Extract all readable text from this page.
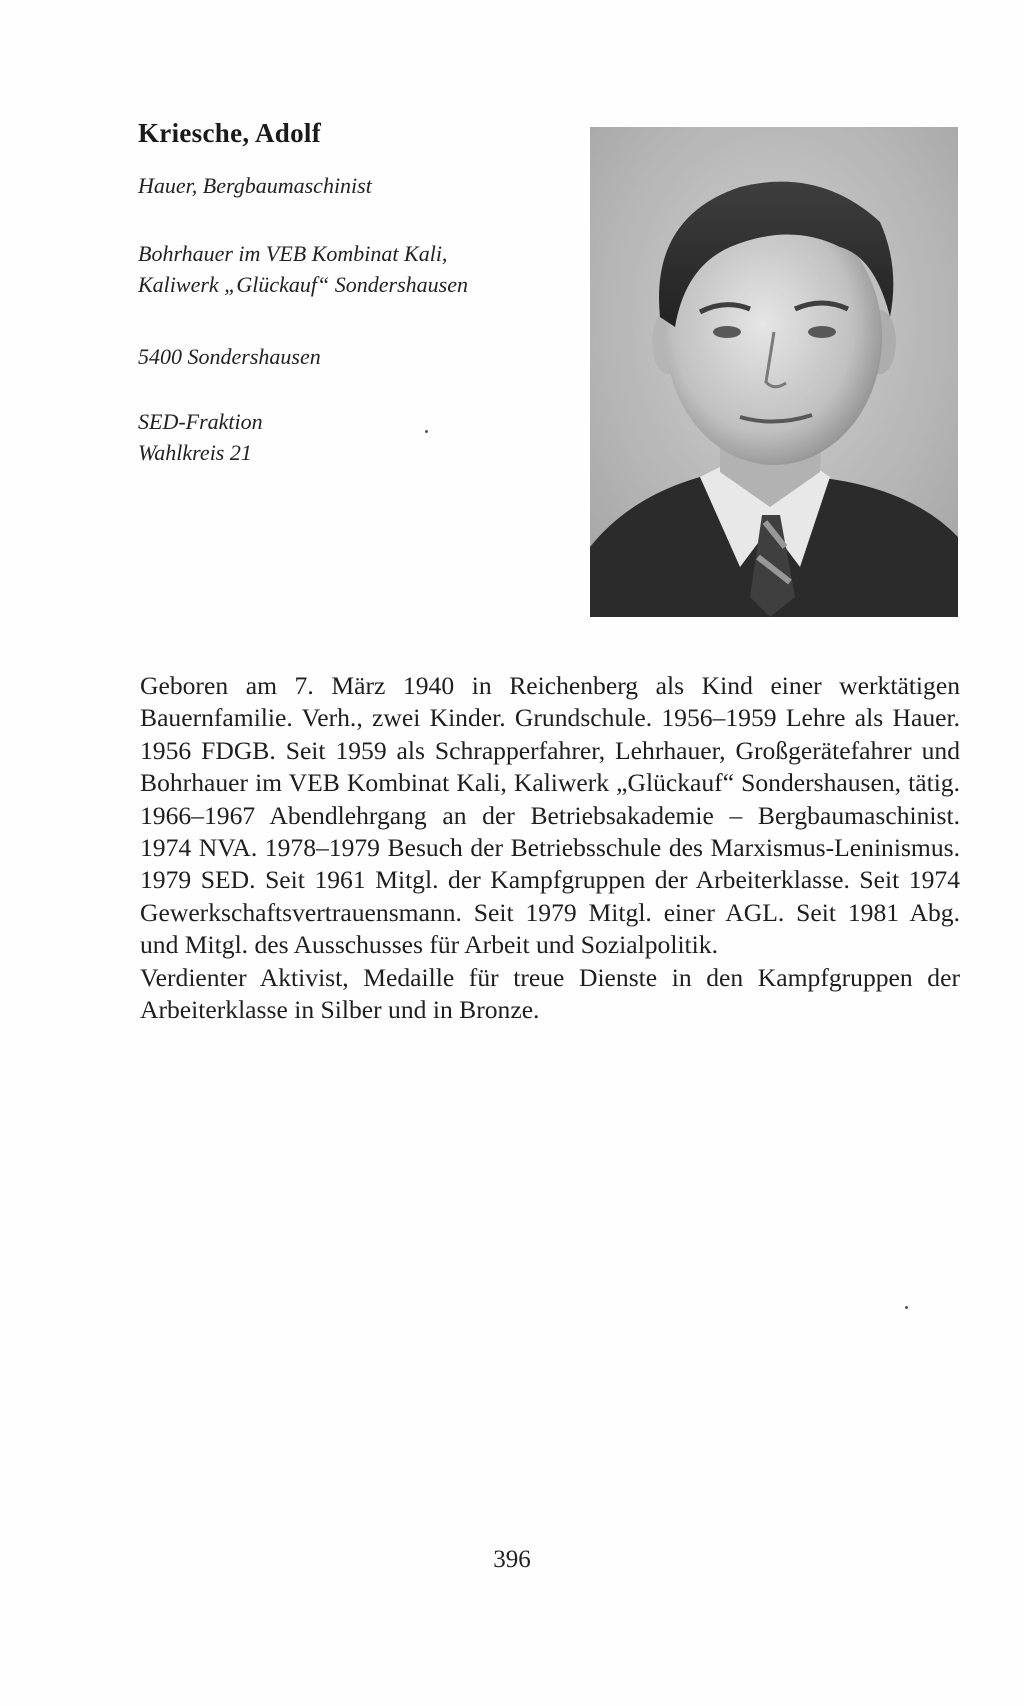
Kriesche, Adolf
Hauer, Bergbaumaschinist
Bohrhauer im VEB Kombinat Kali,
Kaliwerk „Glückauf“ Sondershausen
5400 Sondershausen
SED-Fraktion
Wahlkreis 21

Geboren am 7. März 1940 in Reichenberg als Kind einer werktätigen Bauernfamilie. Verh., zwei Kinder. Grundschule. 1956–1959 Lehre als Hauer. 1956 FDGB. Seit 1959 als Schrapperfahrer, Lehrhauer, Großgerätefahrer und Bohrhauer im VEB Kombinat Kali, Kaliwerk „Glückauf“ Sondershausen, tätig. 1966–1967 Abendlehrgang an der Betriebsakademie – Bergbaumaschinist. 1974 NVA. 1978–1979 Besuch der Betriebsschule des Marxismus-Leninismus. 1979 SED. Seit 1961 Mitgl. der Kampfgruppen der Arbeiterklasse. Seit 1974 Gewerkschaftsvertrauensmann. Seit 1979 Mitgl. einer AGL. Seit 1981 Abg. und Mitgl. des Ausschusses für Arbeit und Sozialpolitik.

Verdienter Aktivist, Medaille für treue Dienste in den Kampfgruppen der Arbeiterklasse in Silber und in Bronze.

396
